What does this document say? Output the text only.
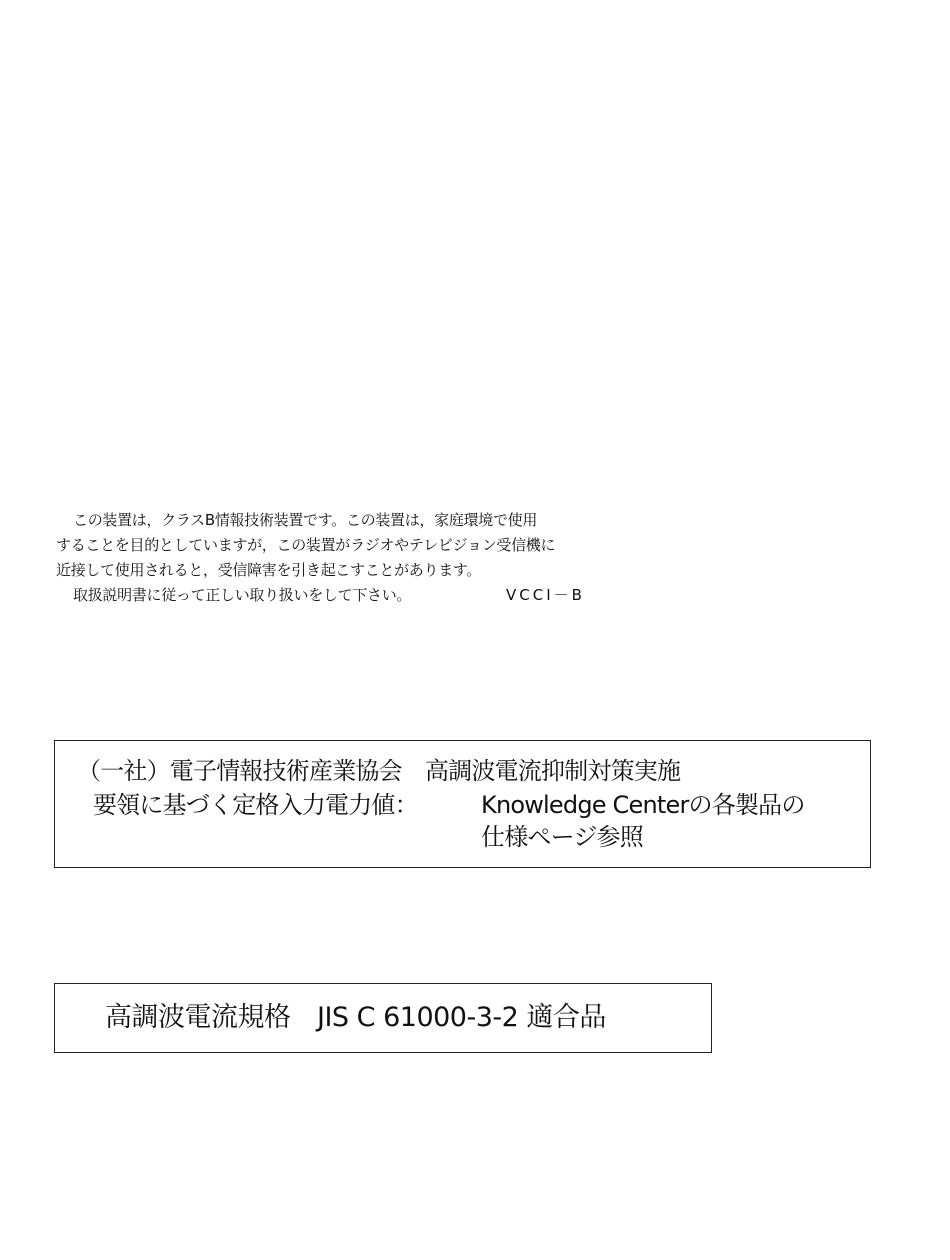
この装置は，クラスB情報技術装置です。この装置は，家庭環境で使用
することを目的としていますが，この装置がラジオやテレビジョン受信機に
近接して使用されると，受信障害を引き起こすことがあります。
取扱説明書に従って正しい取り扱いをして下さい。	VCCI－B
（一社）電子情報技術産業協会　高調波電流抑制対策実施
要領に基づく定格入力電力値：	Knowledge Centerの各製品の
仕様ページ参照
高調波電流規格　JIS C 61000-3-2 適合品
